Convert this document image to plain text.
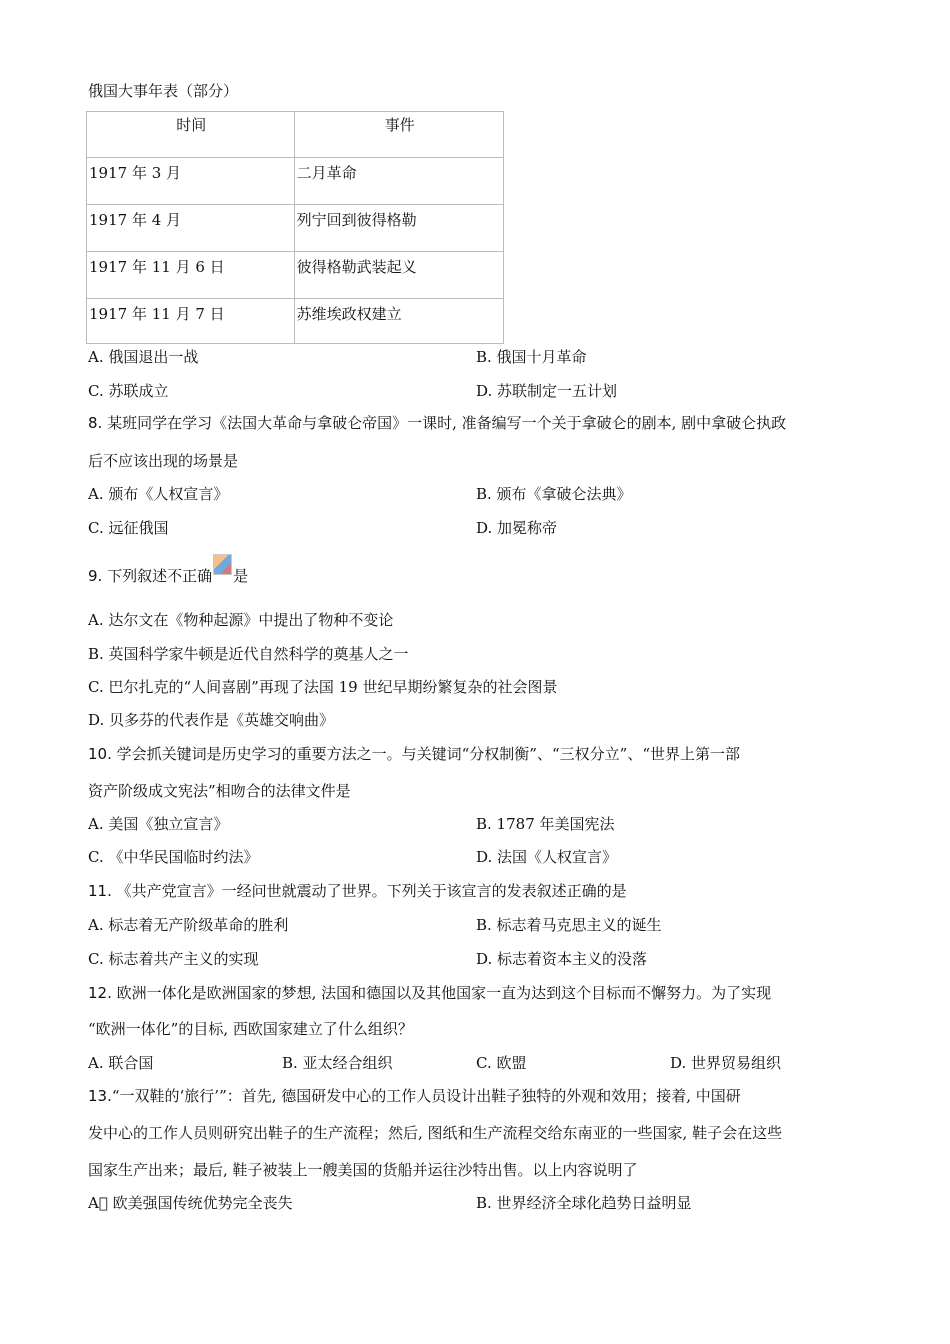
俄国大事年表（部分）
时间	事件
1917 年 3 月	二月革命
1917 年 4 月	列宁回到彼得格勒
1917 年 11 月 6 日	彼得格勒武装起义
1917 年 11 月 7 日	苏维埃政权建立
A. 俄国退出一战	B. 俄国十月革命
C. 苏联成立	D. 苏联制定一五计划
8. 某班同学在学习《法国大革命与拿破仑帝国》一课时, 准备编写一个关于拿破仑的剧本, 剧中拿破仑执政
后不应该出现的场景是
A. 颁布《人权宣言》	B. 颁布《拿破仑法典》
C. 远征俄国	D. 加冕称帝
9. 下列叙述不正确 是
A. 达尔文在《物种起源》中提出了物种不变论
B. 英国科学家牛顿是近代自然科学的奠基人之一
C. 巴尔扎克的“人间喜剧”再现了法国 19 世纪早期纷繁复杂的社会图景
D. 贝多芬的代表作是《英雄交响曲》
10. 学会抓关键词是历史学习的重要方法之一。与关键词“分权制衡”、“三权分立”、“世界上第一部
资产阶级成文宪法”相吻合的法律文件是
A. 美国《独立宣言》	B. 1787 年美国宪法
C. 《中华民国临时约法》	D. 法国《人权宣言》
11. 《共产党宣言》一经问世就震动了世界。下列关于该宣言的发表叙述正确的是
A. 标志着无产阶级革命的胜利	B. 标志着马克思主义的诞生
C. 标志着共产主义的实现	D. 标志着资本主义的没落
12. 欧洲一体化是欧洲国家的梦想, 法国和德国以及其他国家一直为达到这个目标而不懈努力。为了实现
“欧洲一体化”的目标, 西欧国家建立了什么组织？
A. 联合国	B. 亚太经合组织	C. 欧盟	D. 世界贸易组织
13.“一双鞋的‘旅行’”：首先, 德国研发中心的工作人员设计出鞋子独特的外观和效用；接着, 中国研
发中心的工作人员则研究出鞋子的生产流程；然后, 图纸和生产流程交给东南亚的一些国家, 鞋子会在这些
国家生产出来；最后, 鞋子被装上一艘美国的货船并运往沙特出售。以上内容说明了
A  欧美强国传统优势完全丧失	B. 世界经济全球化趋势日益明显
